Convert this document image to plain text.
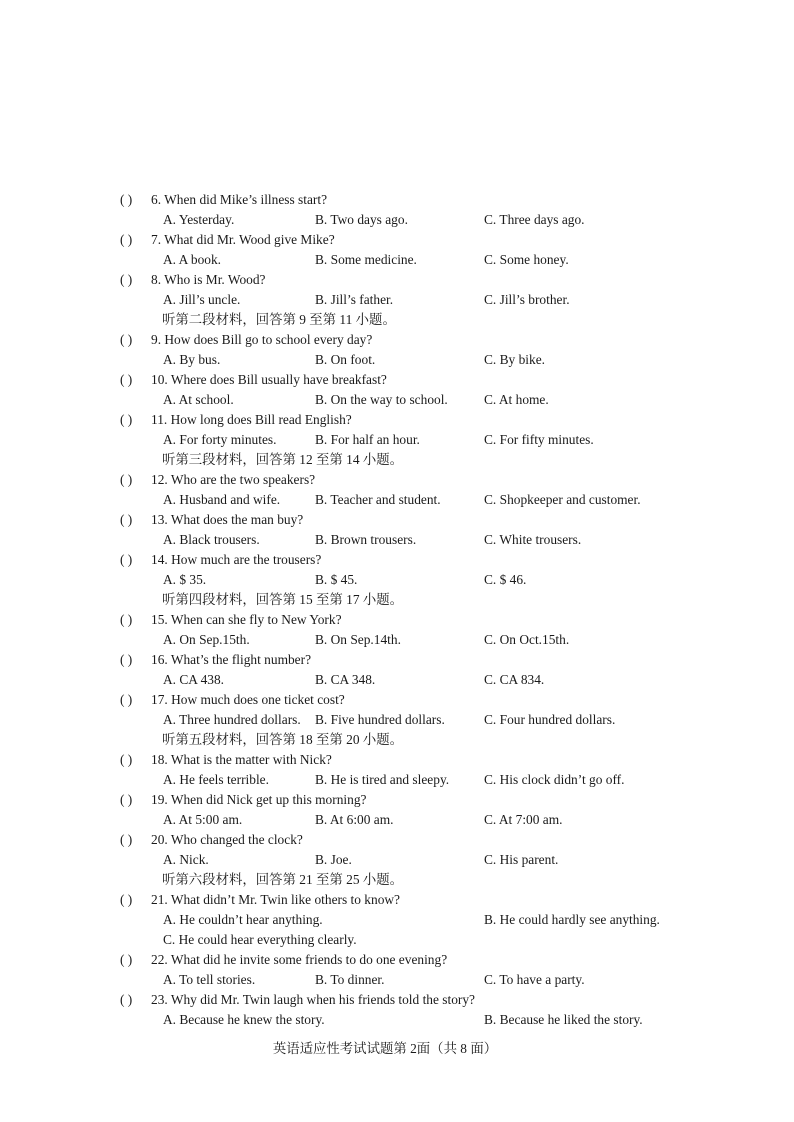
( ) 6. When did Mike’s illness start?
A. Yesterday.	B. Two days ago.	C. Three days ago.
( ) 7. What did Mr. Wood give Mike?
A. A book.	B. Some medicine.	C. Some honey.
( ) 8. Who is Mr. Wood?
A. Jill’s uncle.	B. Jill’s father.	C. Jill’s brother.
听第二段材料，回答第 9 至第 11 小题。
( ) 9. How does Bill go to school every day?
A. By bus.	B. On foot.	C. By bike.
( ) 10. Where does Bill usually have breakfast?
A. At school.	B. On the way to school.	C. At home.
( ) 11. How long does Bill read English?
A. For forty minutes.	B. For half an hour.	C. For fifty minutes.
听第三段材料，回答第 12 至第 14 小题。
( ) 12. Who are the two speakers?
A. Husband and wife.	B. Teacher and student.	C. Shopkeeper and customer.
( ) 13. What does the man buy?
A. Black trousers.	B. Brown trousers.	C. White trousers.
( ) 14. How much are the trousers?
A. $ 35.	B. $ 45.	C. $ 46.
听第四段材料，回答第 15 至第 17 小题。
( ) 15. When can she fly to New York?
A. On Sep.15th.	B. On Sep.14th.	C. On Oct.15th.
( ) 16. What’s the flight number?
A. CA 438.	B. CA 348.	C. CA 834.
( ) 17. How much does one ticket cost?
A. Three hundred dollars. B. Five hundred dollars.	C. Four hundred dollars.
听第五段材料，回答第 18 至第 20 小题。
( ) 18. What is the matter with Nick?
A. He feels terrible.	B. He is tired and sleepy.	C. His clock didn’t go off.
( ) 19. When did Nick get up this morning?
A. At 5:00 am.	B. At 6:00 am.	C. At 7:00 am.
( ) 20. Who changed the clock?
A. Nick.	B. Joe.	C. His parent.
听第六段材料，回答第 21 至第 25 小题。
( ) 21. What didn’t Mr. Twin like others to know?
A. He couldn’t hear anything.	B. He could hardly see anything.
C. He could hear everything clearly.
( ) 22. What did he invite some friends to do one evening?
A. To tell stories.	B. To dinner.	C. To have a party.
( ) 23. Why did Mr. Twin laugh when his friends told the story?
A. Because he knew the story.	B. Because he liked the story.
英语适应性考试试题第 2面（共 8 面）
